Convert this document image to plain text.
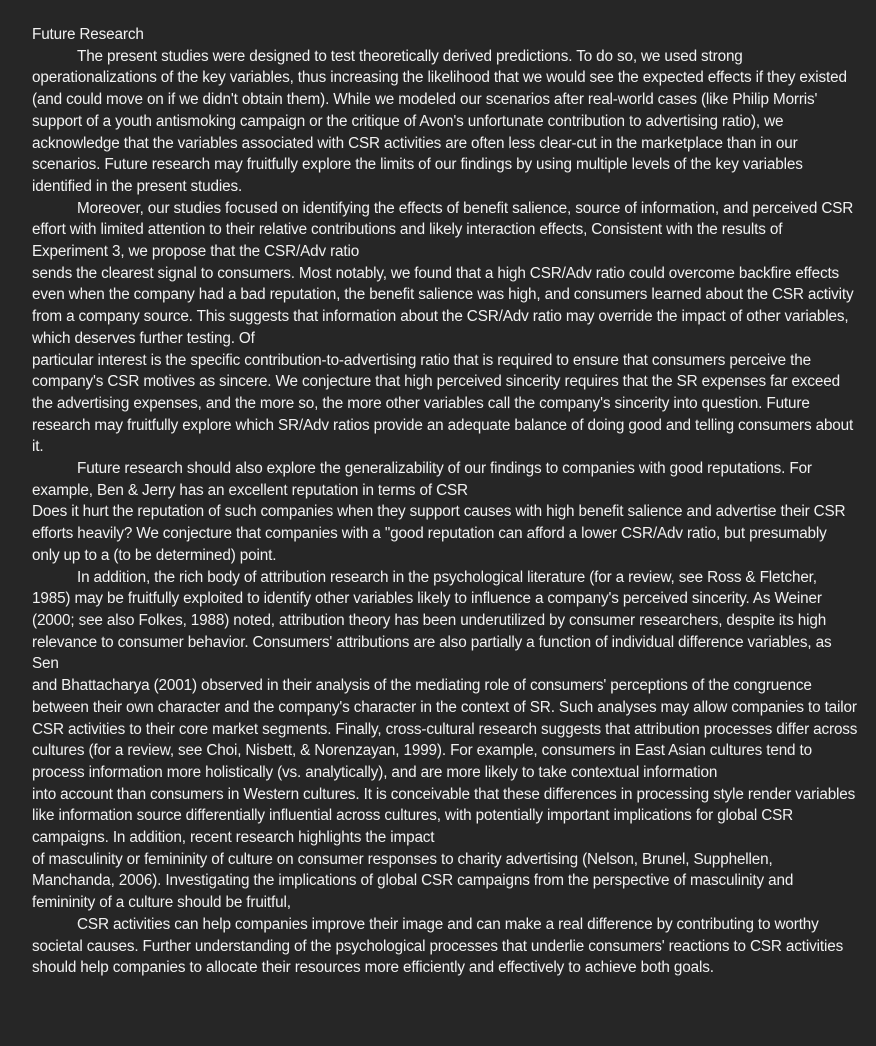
Future Research

The present studies were designed to test theoretically derived predictions. To do so, we used strong operationalizations of the key variables, thus increasing the likelihood that we would see the expected effects if they existed (and could move on if we didn't obtain them). While we modeled our scenarios after real-world cases (like Philip Morris' support of a youth antismoking campaign or the critique of Avon's unfortunate contribution to advertising ratio), we acknowledge that the variables associated with CSR activities are often less clear-cut in the marketplace than in our scenarios. Future research may fruitfully explore the limits of our findings by using multiple levels of the key variables identified in the present studies.

Moreover, our studies focused on identifying the effects of benefit salience, source of information, and perceived CSR effort with limited attention to their relative contributions and likely interaction effects, Consistent with the results of Experiment 3, we propose that the CSR/Adv ratio

sends the clearest signal to consumers. Most notably, we found that a high CSR/Adv ratio could overcome backfire effects even when the company had a bad reputation, the benefit salience was high, and consumers learned about the CSR activity from a company source. This suggests that information about the CSR/Adv ratio may override the impact of other variables, which deserves further testing. Of

particular interest is the specific contribution-to-advertising ratio that is required to ensure that consumers perceive the company's CSR motives as sincere. We conjecture that high perceived sincerity requires that the SR expenses far exceed the advertising expenses, and the more so, the more other variables call the company's sincerity into question. Future research may fruitfully explore which SR/Adv ratios provide an adequate balance of doing good and telling consumers about it.

Future research should also explore the generalizability of our findings to companies with good reputations. For example, Ben & Jerry has an excellent reputation in terms of CSR

Does it hurt the reputation of such companies when they support causes with high benefit salience and advertise their CSR efforts heavily? We conjecture that companies with a "good reputation can afford a lower CSR/Adv ratio, but presumably only up to a (to be determined) point.

In addition, the rich body of attribution research in the psychological literature (for a review, see Ross & Fletcher, 1985) may be fruitfully exploited to identify other variables likely to influence a company's perceived sincerity. As Weiner (2000; see also Folkes, 1988) noted, attribution theory has been underutilized by consumer researchers, despite its high relevance to consumer behavior. Consumers' attributions are also partially a function of individual difference variables, as Sen

and Bhattacharya (2001) observed in their analysis of the mediating role of consumers' perceptions of the congruence between their own character and the company's character in the context of SR. Such analyses may allow companies to tailor CSR activities to their core market segments. Finally, cross-cultural research suggests that attribution processes differ across cultures (for a review, see Choi, Nisbett, & Norenzayan, 1999). For example, consumers in East Asian cultures tend to process information more holistically (vs. analytically), and are more likely to take contextual information

into account than consumers in Western cultures. It is conceivable that these differences in processing style render variables like information source differentially influential across cultures, with potentially important implications for global CSR campaigns. In addition, recent research highlights the impact

of masculinity or femininity of culture on consumer responses to charity advertising (Nelson, Brunel, Supphellen, Manchanda, 2006). Investigating the implications of global CSR campaigns from the perspective of masculinity and femininity of a culture should be fruitful,

CSR activities can help companies improve their image and can make a real difference by contributing to worthy societal causes. Further understanding of the psychological processes that underlie consumers' reactions to CSR activities should help companies to allocate their resources more efficiently and effectively to achieve both goals.
